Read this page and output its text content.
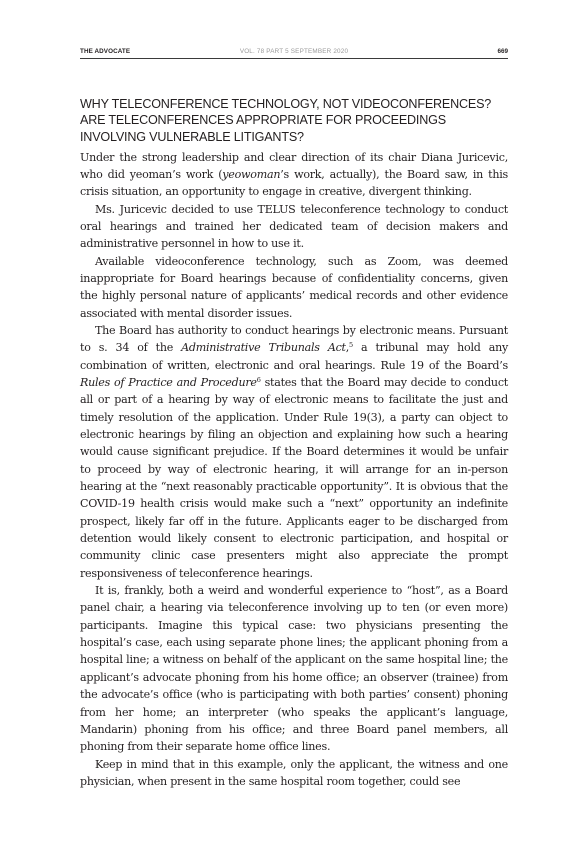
THE ADVOCATE	VOL. 78 PART 5 SEPTEMBER 2020	669
WHY TELECONFERENCE TECHNOLOGY, NOT VIDEOCONFERENCES? ARE TELECONFERENCES APPROPRIATE FOR PROCEEDINGS INVOLVING VULNERABLE LITIGANTS?

Under the strong leadership and clear direction of its chair Diana Juricevic, who did yeoman’s work (yeowoman’s work, actually), the Board saw, in this crisis situation, an opportunity to engage in creative, divergent thinking.

Ms. Juricevic decided to use TELUS teleconference technology to conduct oral hearings and trained her dedicated team of decision makers and administrative personnel in how to use it.

Available videoconference technology, such as Zoom, was deemed inappropriate for Board hearings because of confidentiality concerns, given the highly personal nature of applicants’ medical records and other evidence associated with mental disorder issues.

The Board has authority to conduct hearings by electronic means. Pursuant to s. 34 of the Administrative Tribunals Act,$^5$ a tribunal may hold any combination of written, electronic and oral hearings. Rule 19 of the Board’s Rules of Practice and Procedure$^6$ states that the Board may decide to conduct all or part of a hearing by way of electronic means to facilitate the just and timely resolution of the application. Under Rule 19(3), a party can object to electronic hearings by filing an objection and explaining how such a hearing would cause significant prejudice. If the Board determines it would be unfair to proceed by way of electronic hearing, it will arrange for an in-person hearing at the “next reasonably practicable opportunity”. It is obvious that the COVID-19 health crisis would make such a “next” opportunity an indefinite prospect, likely far off in the future. Applicants eager to be discharged from detention would likely consent to electronic participation, and hospital or community clinic case presenters might also appreciate the prompt responsiveness of teleconference hearings.

It is, frankly, both a weird and wonderful experience to “host”, as a Board panel chair, a hearing via teleconference involving up to ten (or even more) participants. Imagine this typical case: two physicians presenting the hospital’s case, each using separate phone lines; the applicant phoning from a hospital line; a witness on behalf of the applicant on the same hospital line; the applicant’s advocate phoning from his home office; an observer (trainee) from the advocate’s office (who is participating with both parties’ consent) phoning from her home; an interpreter (who speaks the applicant’s language, Mandarin) phoning from his office; and three Board panel members, all phoning from their separate home office lines.

Keep in mind that in this example, only the applicant, the witness and one physician, when present in the same hospital room together, could see
